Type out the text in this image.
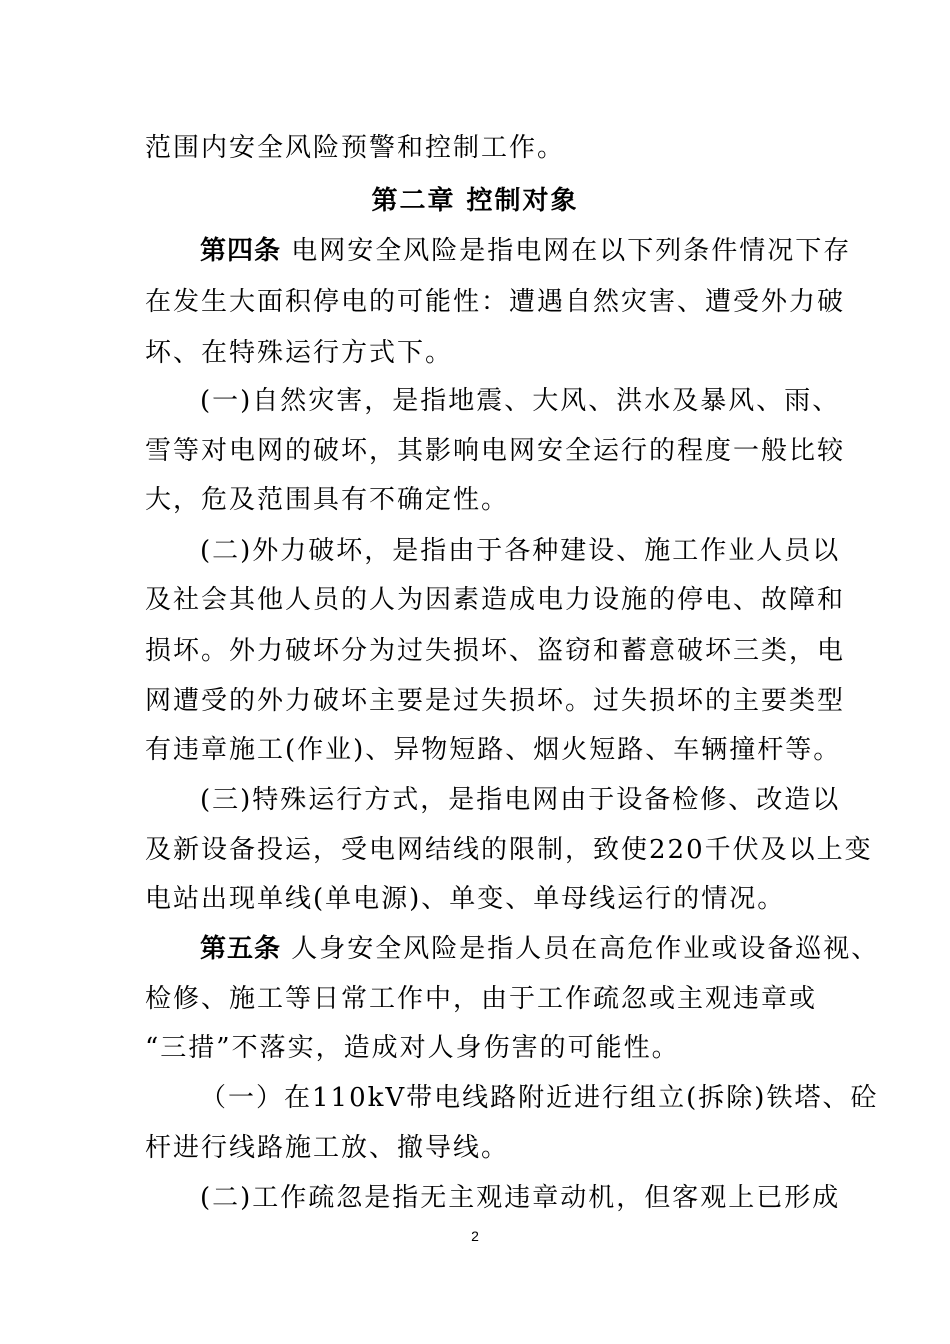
范围内安全风险预警和控制工作。
第二章 控制对象
第四条 电网安全风险是指电网在以下列条件情况下存
在发生大面积停电的可能性：遭遇自然灾害、遭受外力破
坏、在特殊运行方式下。
(一)自然灾害，是指地震、大风、洪水及暴风、雨、
雪等对电网的破坏，其影响电网安全运行的程度一般比较
大，危及范围具有不确定性。
(二)外力破坏，是指由于各种建设、施工作业人员以
及社会其他人员的人为因素造成电力设施的停电、故障和
损坏。外力破坏分为过失损坏、盗窃和蓄意破坏三类，电
网遭受的外力破坏主要是过失损坏。过失损坏的主要类型
有违章施工(作业)、异物短路、烟火短路、车辆撞杆等。
(三)特殊运行方式，是指电网由于设备检修、改造以
及新设备投运，受电网结线的限制，致使220千伏及以上变
电站出现单线(单电源)、单变、单母线运行的情况。
第五条 人身安全风险是指人员在高危作业或设备巡视、
检修、施工等日常工作中，由于工作疏忽或主观违章或
“三措”不落实，造成对人身伤害的可能性。
（一）在110kV带电线路附近进行组立(拆除)铁塔、砼
杆进行线路施工放、撤导线。
(二)工作疏忽是指无主观违章动机，但客观上已形成
2
